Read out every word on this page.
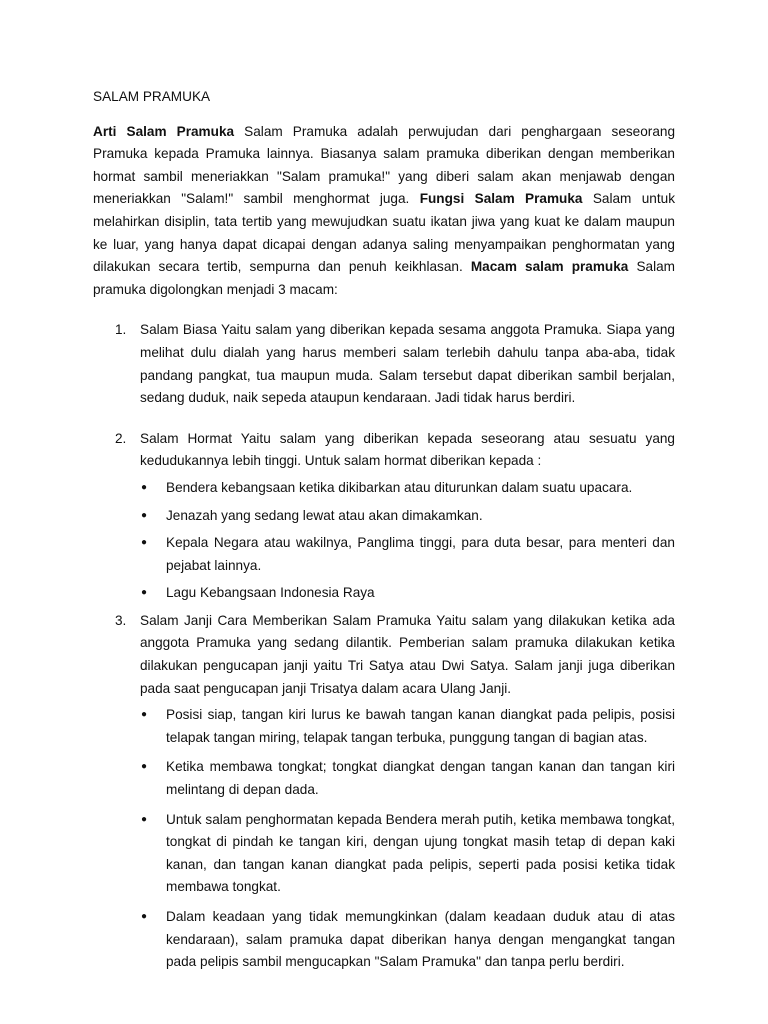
SALAM PRAMUKA

Arti Salam Pramuka Salam Pramuka adalah perwujudan dari penghargaan seseorang Pramuka kepada Pramuka lainnya. Biasanya salam pramuka diberikan dengan memberikan hormat sambil meneriakkan "Salam pramuka!" yang diberi salam akan menjawab dengan meneriakkan "Salam!" sambil menghormat juga. Fungsi Salam Pramuka Salam untuk melahirkan disiplin, tata tertib yang mewujudkan suatu ikatan jiwa yang kuat ke dalam maupun ke luar, yang hanya dapat dicapai dengan adanya saling menyampaikan penghormatan yang dilakukan secara tertib, sempurna dan penuh keikhlasan. Macam salam pramuka Salam pramuka digolongkan menjadi 3 macam:

1. Salam Biasa Yaitu salam yang diberikan kepada sesama anggota Pramuka. Siapa yang melihat dulu dialah yang harus memberi salam terlebih dahulu tanpa aba-aba, tidak pandang pangkat, tua maupun muda. Salam tersebut dapat diberikan sambil berjalan, sedang duduk, naik sepeda ataupun kendaraan. Jadi tidak harus berdiri.
2. Salam Hormat Yaitu salam yang diberikan kepada seseorang atau sesuatu yang kedudukannya lebih tinggi. Untuk salam hormat diberikan kepada :
● Bendera kebangsaan ketika dikibarkan atau diturunkan dalam suatu upacara.
● Jenazah yang sedang lewat atau akan dimakamkan.
● Kepala Negara atau wakilnya, Panglima tinggi, para duta besar, para menteri dan pejabat lainnya.
● Lagu Kebangsaan Indonesia Raya
3. Salam Janji Cara Memberikan Salam Pramuka Yaitu salam yang dilakukan ketika ada anggota Pramuka yang sedang dilantik. Pemberian salam pramuka dilakukan ketika dilakukan pengucapan janji yaitu Tri Satya atau Dwi Satya. Salam janji juga diberikan pada saat pengucapan janji Trisatya dalam acara Ulang Janji.
● Posisi siap, tangan kiri lurus ke bawah tangan kanan diangkat pada pelipis, posisi telapak tangan miring, telapak tangan terbuka, punggung tangan di bagian atas.
● Ketika membawa tongkat; tongkat diangkat dengan tangan kanan dan tangan kiri melintang di depan dada.
● Untuk salam penghormatan kepada Bendera merah putih, ketika membawa tongkat, tongkat di pindah ke tangan kiri, dengan ujung tongkat masih tetap di depan kaki kanan, dan tangan kanan diangkat pada pelipis, seperti pada posisi ketika tidak membawa tongkat.
● Dalam keadaan yang tidak memungkinkan (dalam keadaan duduk atau di atas kendaraan), salam pramuka dapat diberikan hanya dengan mengangkat tangan pada pelipis sambil mengucapkan "Salam Pramuka" dan tanpa perlu berdiri.
